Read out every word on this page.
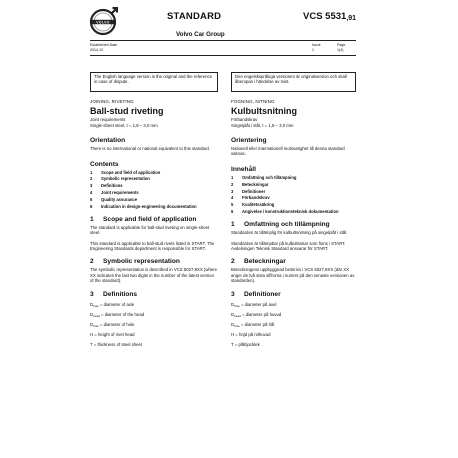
VOLVO
STANDARD	VCS $5531_{,91}$
Volvo Car Group
Established Date
2014-12
Issue
1
Page
1(4)
The English language version is the original and the reference in case of dispute.
Den engelskspråkiga versionen är originalversion och skall åberopas i händelse av tvist.
JOINING, RIVETING
Ball-stud riveting
Joint requirements
Single-sheet steel, t = 1,8 – 3,0 mm
Orientation
There is no international or national equivalent to this standard.
Contents
1	Scope and field of application
2	Symbolic representation
3	Definitions
4	Joint requirements
5	Quality assurance
6	Indication in design-engineering documentation
1 Scope and field of application
The standard is applicable for ball-stud riveting on single-sheet steel.
This standard is applicable to ball-stud rivets listed in START. The Engineering Standards department is responsible for START.
2 Symbolic representation
The symbolic representation is described in VCS 5027,8XX (where XX indicates the last two digits in the number of the latest version of the standard).
3 Definitions
$D_{hole}$ = diameter of axle
$D_{head}$ = diameter of the head
$D_{hole}$ = diameter of hole
H = height of rivet head
T = thickness of steel sheet
FOGNING, NITNING
Kulbultsnitning
Förbandskrav
Singelplåt i stål, t = 1,8 – 3,0 mm
Orientering
Nationell eller internationell motsvarighet till denna standard saknas.
Innehåll
1	Omfattning och tillämpning
2	Beteckningar
3	Definitioner
4	Förbandskrav
5	Kvalitetssäkring
6	Angivelse i konstruktionsteknisk dokumentation
1 Omfattning och tillämpning
Standarden är tillämplig för kulbultsnitning på singelplåt i stål.
Standarden är tillämpbar på kulbultsnitar som finns i START. Avdelningen Teknisk Standard ansvarar för START.
2 Beteckningar
Beteckningens uppbyggnad beskrivs i VCS 5027,8XX (där XX anger de två sista siffrorna i numret på den senaste versionen av standarden).
3 Definitioner
$D_{hole}$ = diameter på axel
$D_{head}$ = diameter på huvud
$D_{hole}$ = diameter på hål
H = höjd på nithuvud
T = plåttjocklek
